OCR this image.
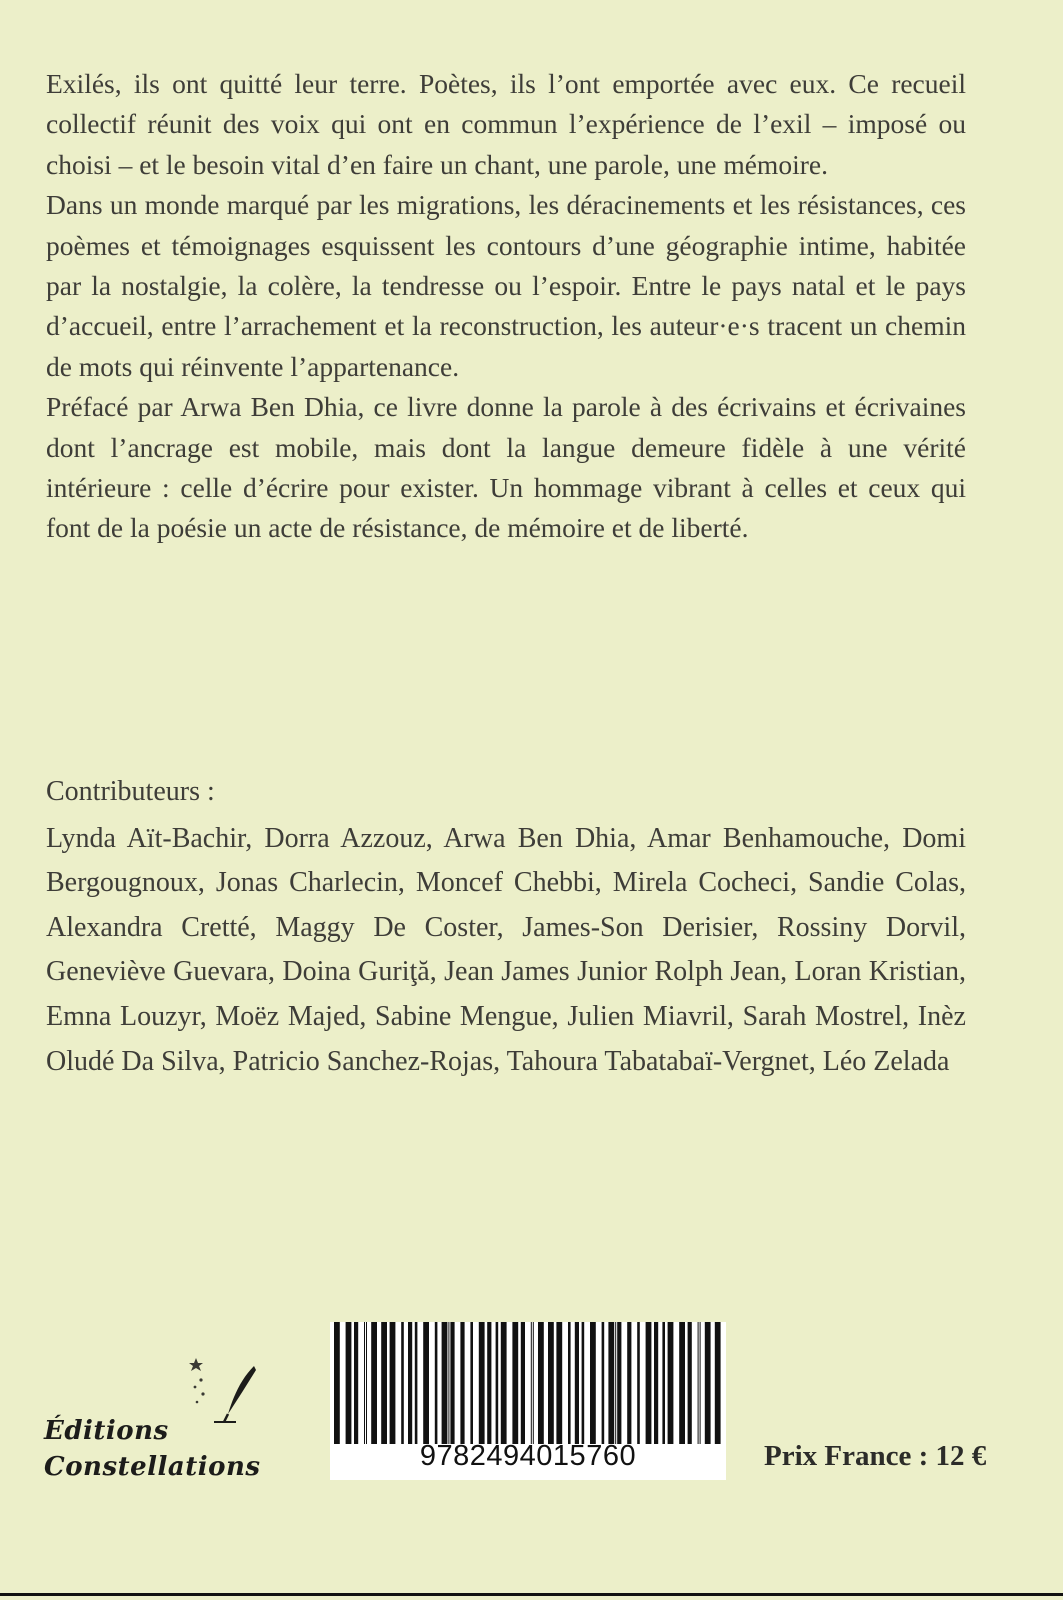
Exilés, ils ont quitté leur terre. Poètes, ils l’ont emportée avec eux. Ce recueil collectif réunit des voix qui ont en commun l’expérience de l’exil – imposé ou choisi – et le besoin vital d’en faire un chant, une parole, une mémoire.

Dans un monde marqué par les migrations, les déracinements et les résistances, ces poèmes et témoignages esquissent les contours d’une géographie intime, habitée par la nostalgie, la colère, la tendresse ou l’espoir. Entre le pays natal et le pays d’accueil, entre l’arrachement et la reconstruction, les auteur·e·s tracent un chemin de mots qui réinvente l’appartenance.

Préfacé par Arwa Ben Dhia, ce livre donne la parole à des écrivains et écrivaines dont l’ancrage est mobile, mais dont la langue demeure fidèle à une vérité intérieure : celle d’écrire pour exister. Un hommage vibrant à celles et ceux qui font de la poésie un acte de résistance, de mémoire et de liberté.

Contributeurs :

Lynda Aït-Bachir, Dorra Azzouz, Arwa Ben Dhia, Amar Benhamouche, Domi Bergougnoux, Jonas Charlecin, Moncef Chebbi, Mirela Cocheci, Sandie Colas, Alexandra Cretté, Maggy De Coster, James-Son Derisier, Rossiny Dorvil, Geneviève Guevara, Doina Guriţă, Jean James Junior Rolph Jean, Loran Kristian, Emna Louzyr, Moëz Majed, Sabine Mengue, Julien Miavril, Sarah Mostrel, Inèz Oludé Da Silva, Patricio Sanchez-Rojas, Tahoura Tabatabaï-Vergnet, Léo Zelada

Éditions
Constellations	9782494015760	Prix France : 12 €
